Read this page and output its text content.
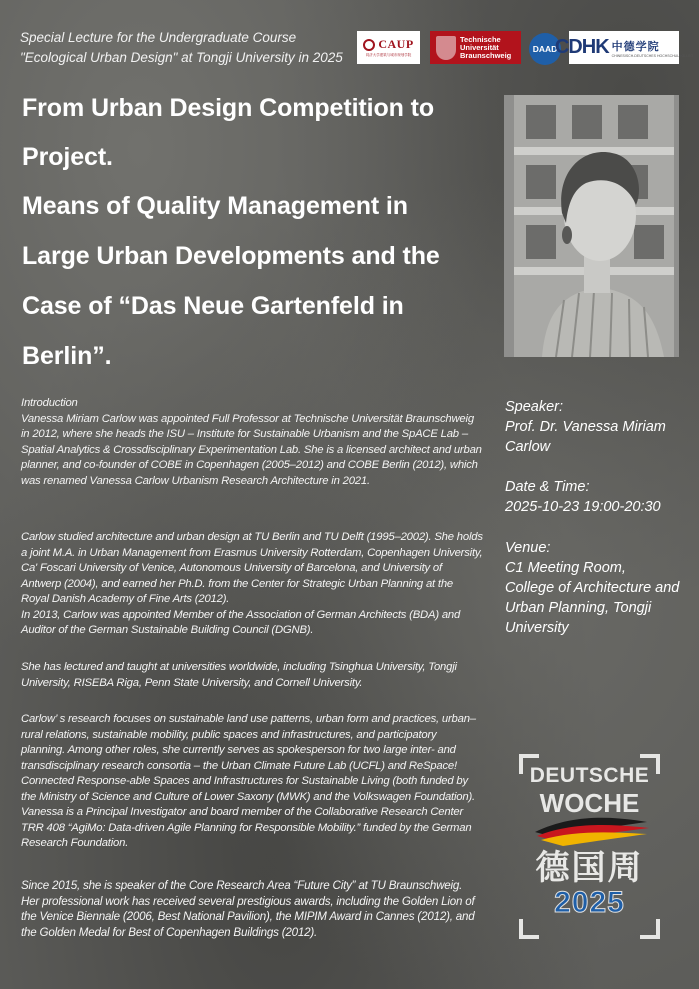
Special Lecture for the Undergraduate Course
"Ecological Urban Design" at Tongji University in 2025
CAUP
同济大学建筑与城市规划学院
Technische
Universität
Braunschweig
DAAD
CDHK 中德学院
CHINESISCH-DEUTSCHES HOCHSCHULKOLLEG
From Urban Design Competition to
Project.
Means of Quality Management in
Large Urban Developments and the
Case of “Das Neue Gartenfeld in
Berlin”.

Introduction

Vanessa Miriam Carlow was appointed Full Professor at Technische Universität Braunschweig in 2012, where she heads the ISU – Institute for Sustainable Urbanism and the SpACE Lab – Spatial Analytics & Crossdisciplinary Experimentation Lab. She is a licensed architect and urban planner, and co-founder of COBE in Copenhagen (2005–2012) and COBE Berlin (2012), which was renamed Vanessa Carlow Urbanism Research Architecture in 2021.

Carlow studied architecture and urban design at TU Berlin and TU Delft (1995–2002). She holds a joint M.A. in Urban Management from Erasmus University Rotterdam, Copenhagen University, Ca' Foscari University of Venice, Autonomous University of Barcelona, and University of Antwerp (2004), and earned her Ph.D. from the Center for Strategic Urban Planning at the Royal Danish Academy of Fine Arts (2012).

In 2013, Carlow was appointed Member of the Association of German Architects (BDA) and Auditor of the German Sustainable Building Council (DGNB).

She has lectured and taught at universities worldwide, including Tsinghua University, Tongji University, RISEBA Riga, Penn State University, and Cornell University.
Carlow’ s research focuses on sustainable land use patterns, urban form and practices, urban–rural relations, sustainable mobility, public spaces and infrastructures, and participatory planning. Among other roles, she currently serves as spokesperson for two large inter- and transdisciplinary research consortia – the Urban Climate Future Lab (UCFL) and ReSpace! Connected Response-able Spaces and Infrastructures for Sustainable Living (both funded by the Ministry of Science and Culture of Lower Saxony (MWK) and the Volkswagen Foundation). Vanessa is a Principal Investigator and board member of the Collaborative Research Center TRR 408 “AgiMo: Data-driven Agile Planning for Responsible Mobility.” funded by the German Research Foundation.
Since 2015, she is speaker of the Core Research Area “Future City” at TU Braunschweig. Her professional work has received several prestigious awards, including the Golden Lion of the Venice Biennale (2006, Best National Pavilion), the MIPIM Award in Cannes (2012), and the Golden Medal for Best of Copenhagen Buildings (2012).
Speaker:
Prof. Dr. Vanessa Miriam Carlow
Date & Time:
2025-10-23 19:00-20:30
Venue:
C1 Meeting Room,
College of Architecture and
Urban Planning, Tongji
University
DEUTSCHE
WOCHE
德国周
2025
